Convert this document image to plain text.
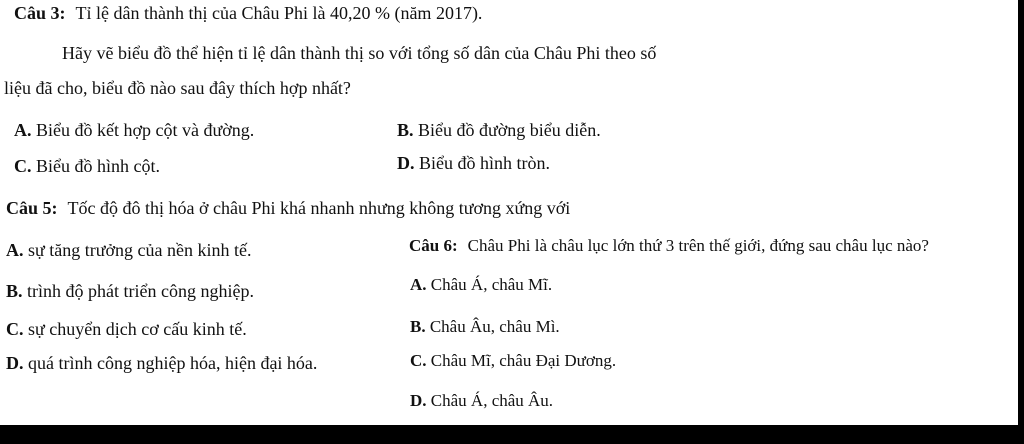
Câu 3: Tỉ lệ dân thành thị của Châu Phi là 40,20 % (năm 2017).
Hãy vẽ biểu đồ thể hiện tỉ lệ dân thành thị so với tổng số dân của Châu Phi theo số
liệu đã cho, biểu đồ nào sau đây thích hợp nhất?
A. Biểu đồ kết hợp cột và đường.	B. Biểu đồ đường biểu diễn.
C. Biểu đồ hình cột.	D. Biểu đồ hình tròn.
Câu 5: Tốc độ đô thị hóa ở châu Phi khá nhanh nhưng không tương xứng với
A. sự tăng trưởng của nền kinh tế.
B. trình độ phát triển công nghiệp.
C. sự chuyển dịch cơ cấu kinh tế.
D. quá trình công nghiệp hóa, hiện đại hóa.
Câu 6: Châu Phi là châu lục lớn thứ 3 trên thế giới, đứng sau châu lục nào?
A. Châu Á, châu Mĩ.
B. Châu Âu, châu Mì.
C. Châu Mĩ, châu Đại Dương.
D. Châu Á, châu Âu.
